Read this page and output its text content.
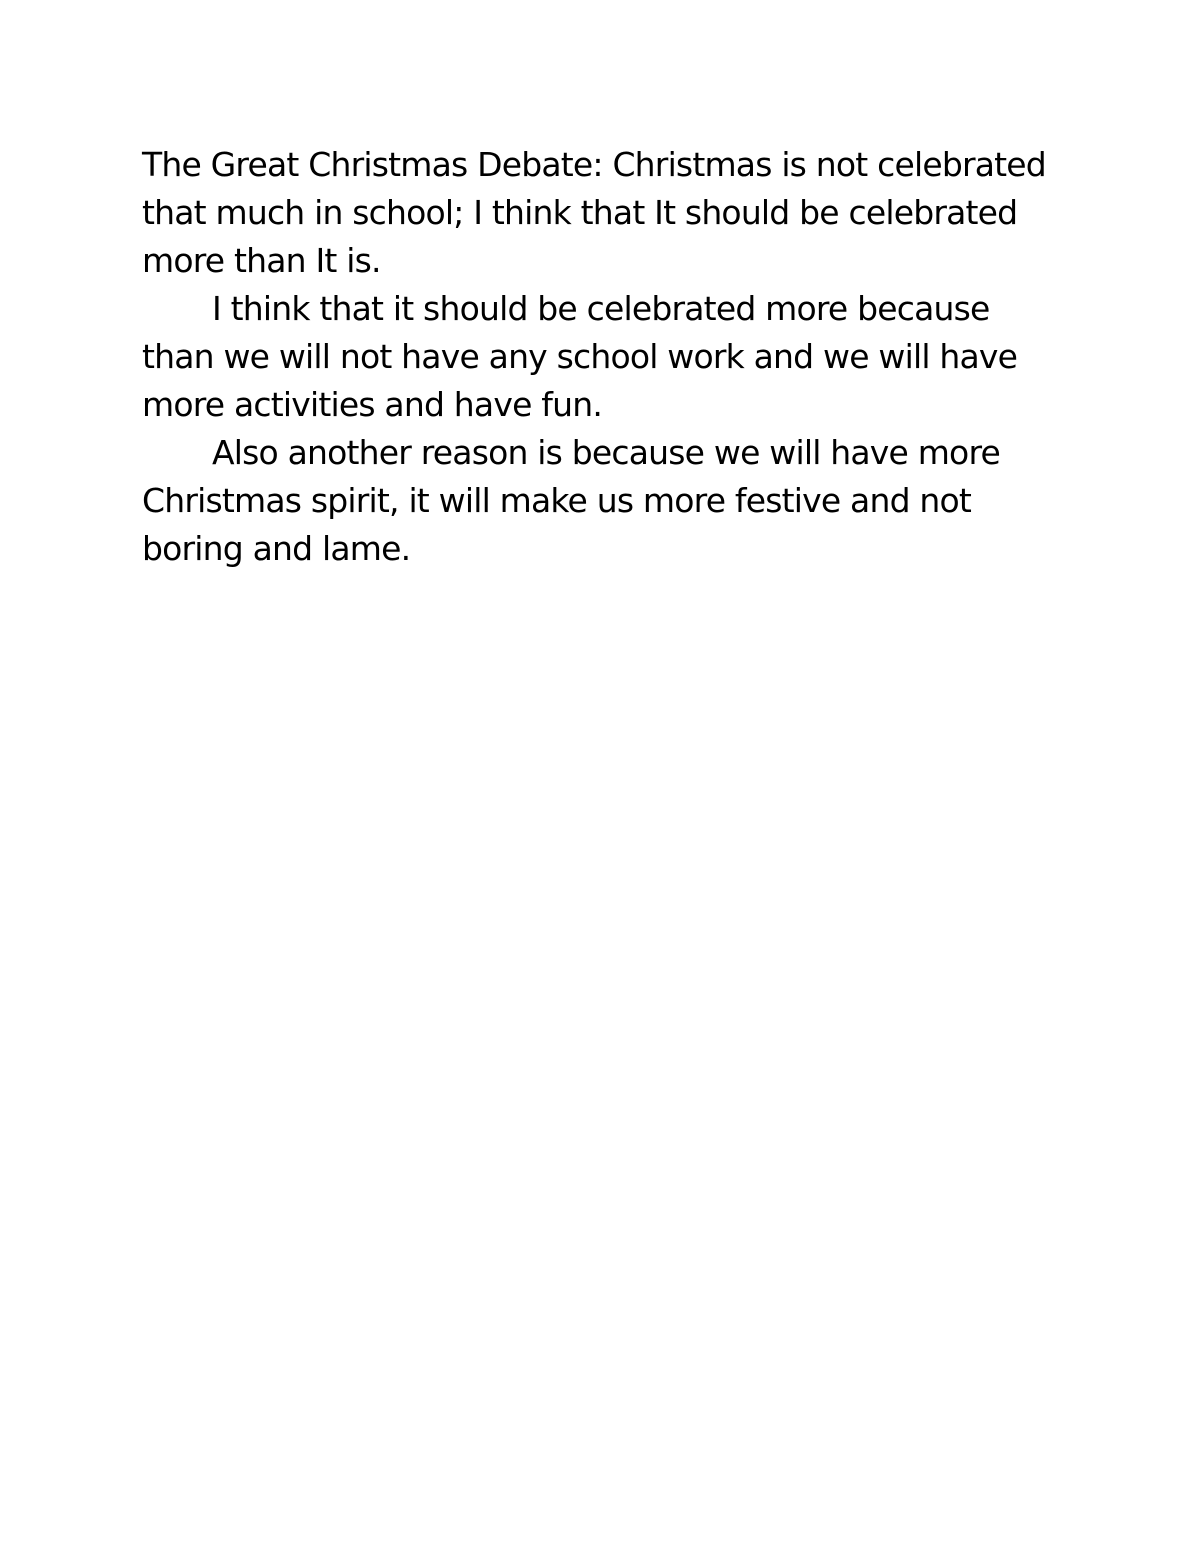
The Great Christmas Debate: Christmas is not celebrated
that much in school; I think that It should be celebrated
more than It is.
I think that it should be celebrated more because
than we will not have any school work and we will have
more activities and have fun.
Also another reason is because we will have more
Christmas spirit, it will make us more festive and not
boring and lame.
